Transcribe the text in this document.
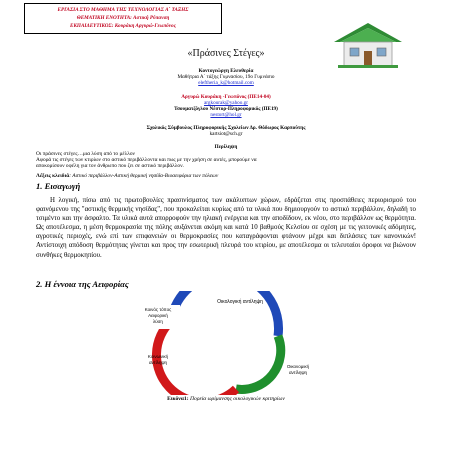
ΕΡΓΑΣΙΑ ΣΤΟ ΜΑΘΗΜΑ ΤΗΣ ΤΕΧΝΟΛΟΓΙΑΣ Α΄ ΤΑΞΗΣ
ΘΕΜΑΤΙΚΗ ΕΝΟΤΗΤΑ: Αστική Ρύπανση
ΕΚΠΑΙΔΕΥΤΙΚΟΣ: Κουράκη Αργυρώ-Γεωπόνος
«Πράσινες Στέγες»
Κοντογεώργη Ελευθερία
Μαθήτρια Α΄ τάξης Γυμνασίου, 19ο Γυμνάσιο
eleftheria_k@hotmail.com
Αργυρώ Κουράκη -Γεωπόνος (ΠΕ14-04)
argkourak@yahoo.gr
Τσουματζόγλου Νέστορ-Πληροφορικός (ΠΕ19)
nestort@hol.gr
Σχολικός Σύμβουλος Πληροφορικής Σχολείων Δρ. Θόδωρος Καρπούτης
kartsiot@sch.gr
Περίληψη
Οι πράσινες στέγες…μια λύση από το μέλλον
Αφορά τις στέγες των κτιρίων στο αστικό περιβάλλοντα και πως με την χρήση σε αυτές, μπορούμε να
αποκομίσουν οφέλη για τον άνθρωπο που ζει σε αστικό περιβάλλον.
Λέξεις κλειδιά: Αστικό περιβάλλον-Αστική θερμική νησίδα-Βιοαειφόρια των πόλεων
1. Εισαγωγή
Η λογική, πίσω από τις πρωτοβουλίες πρασινίσματος των ακάλυπτων χώρων, εδράζεται στις προσπάθειες περιορισμού του φαινόμενου της "αστικής θερμικής νησίδας", που προκαλείται κυρίως από τα υλικά που δημιουργούν το αστικό περιβάλλον, δηλαδή το τσιμέντο και την άσφαλτο. Τα υλικά αυτά απορροφούν την ηλιακή ενέργεια και την αποδίδουν, εκ νέου, στο περιβάλλον ως θερμότητα. Ως αποτέλεσμα, η μέση θερμοκρασία της πόλης αυξάνεται ακόμη και κατά 10 βαθμούς Κελσίου σε σχέση με τις γειτονικές αδόμητες, αγροτικές περιοχές, ενώ επί των επιφανειών οι θερμοκρασίες που καταγράφονται φτάνουν μέχρι και διπλάσιες των κανονικών! Αντίστοιχη απόδοση θερμότητας γίνεται και προς την εσωτερική πλευρά του κτιρίου, με αποτέλεσμα οι τελευταίοι όροφοι να βιώνουν συνθήκες θερμοκηπίου.
2. Η έννοια της Αειφορίας
Οικολογική αντίληψη
Κοινός τόπος
Αειφορική
λύση
Κοινωνική
αντίληψη
Οικονομική
αντίληψη
Εικόνα1: Πορεία ωρίμανσης οικολογικών κριτηρίων
